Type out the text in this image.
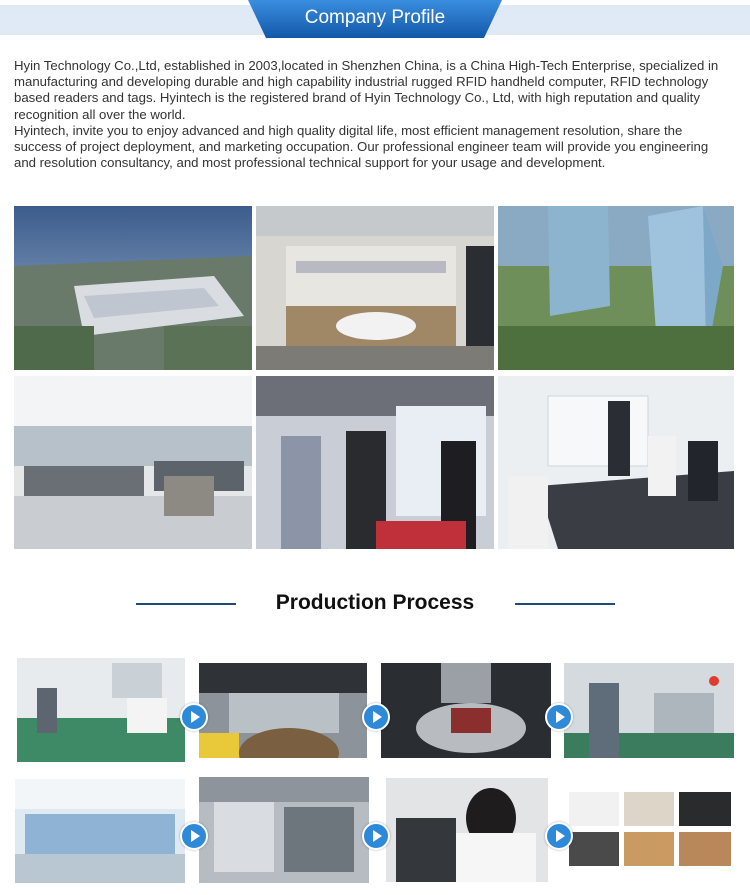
Company Profile

Hyin Technology Co.,Ltd, established in 2003,located in Shenzhen China, is a China High-Tech Enterprise, specialized in manufacturing and developing durable and high capability industrial rugged RFID handheld computer, RFID technology based readers and tags. Hyintech is the registered brand of Hyin Technology Co., Ltd, with high reputation and quality recognition all over the world.

Hyintech, invite you to enjoy advanced and high quality digital life, most efficient management resolution, share the success of project deployment, and marketing occupation. Our professional engineer team will provide you engineering and resolution consultancy, and most professional technical support for your usage and development.

Production Process
